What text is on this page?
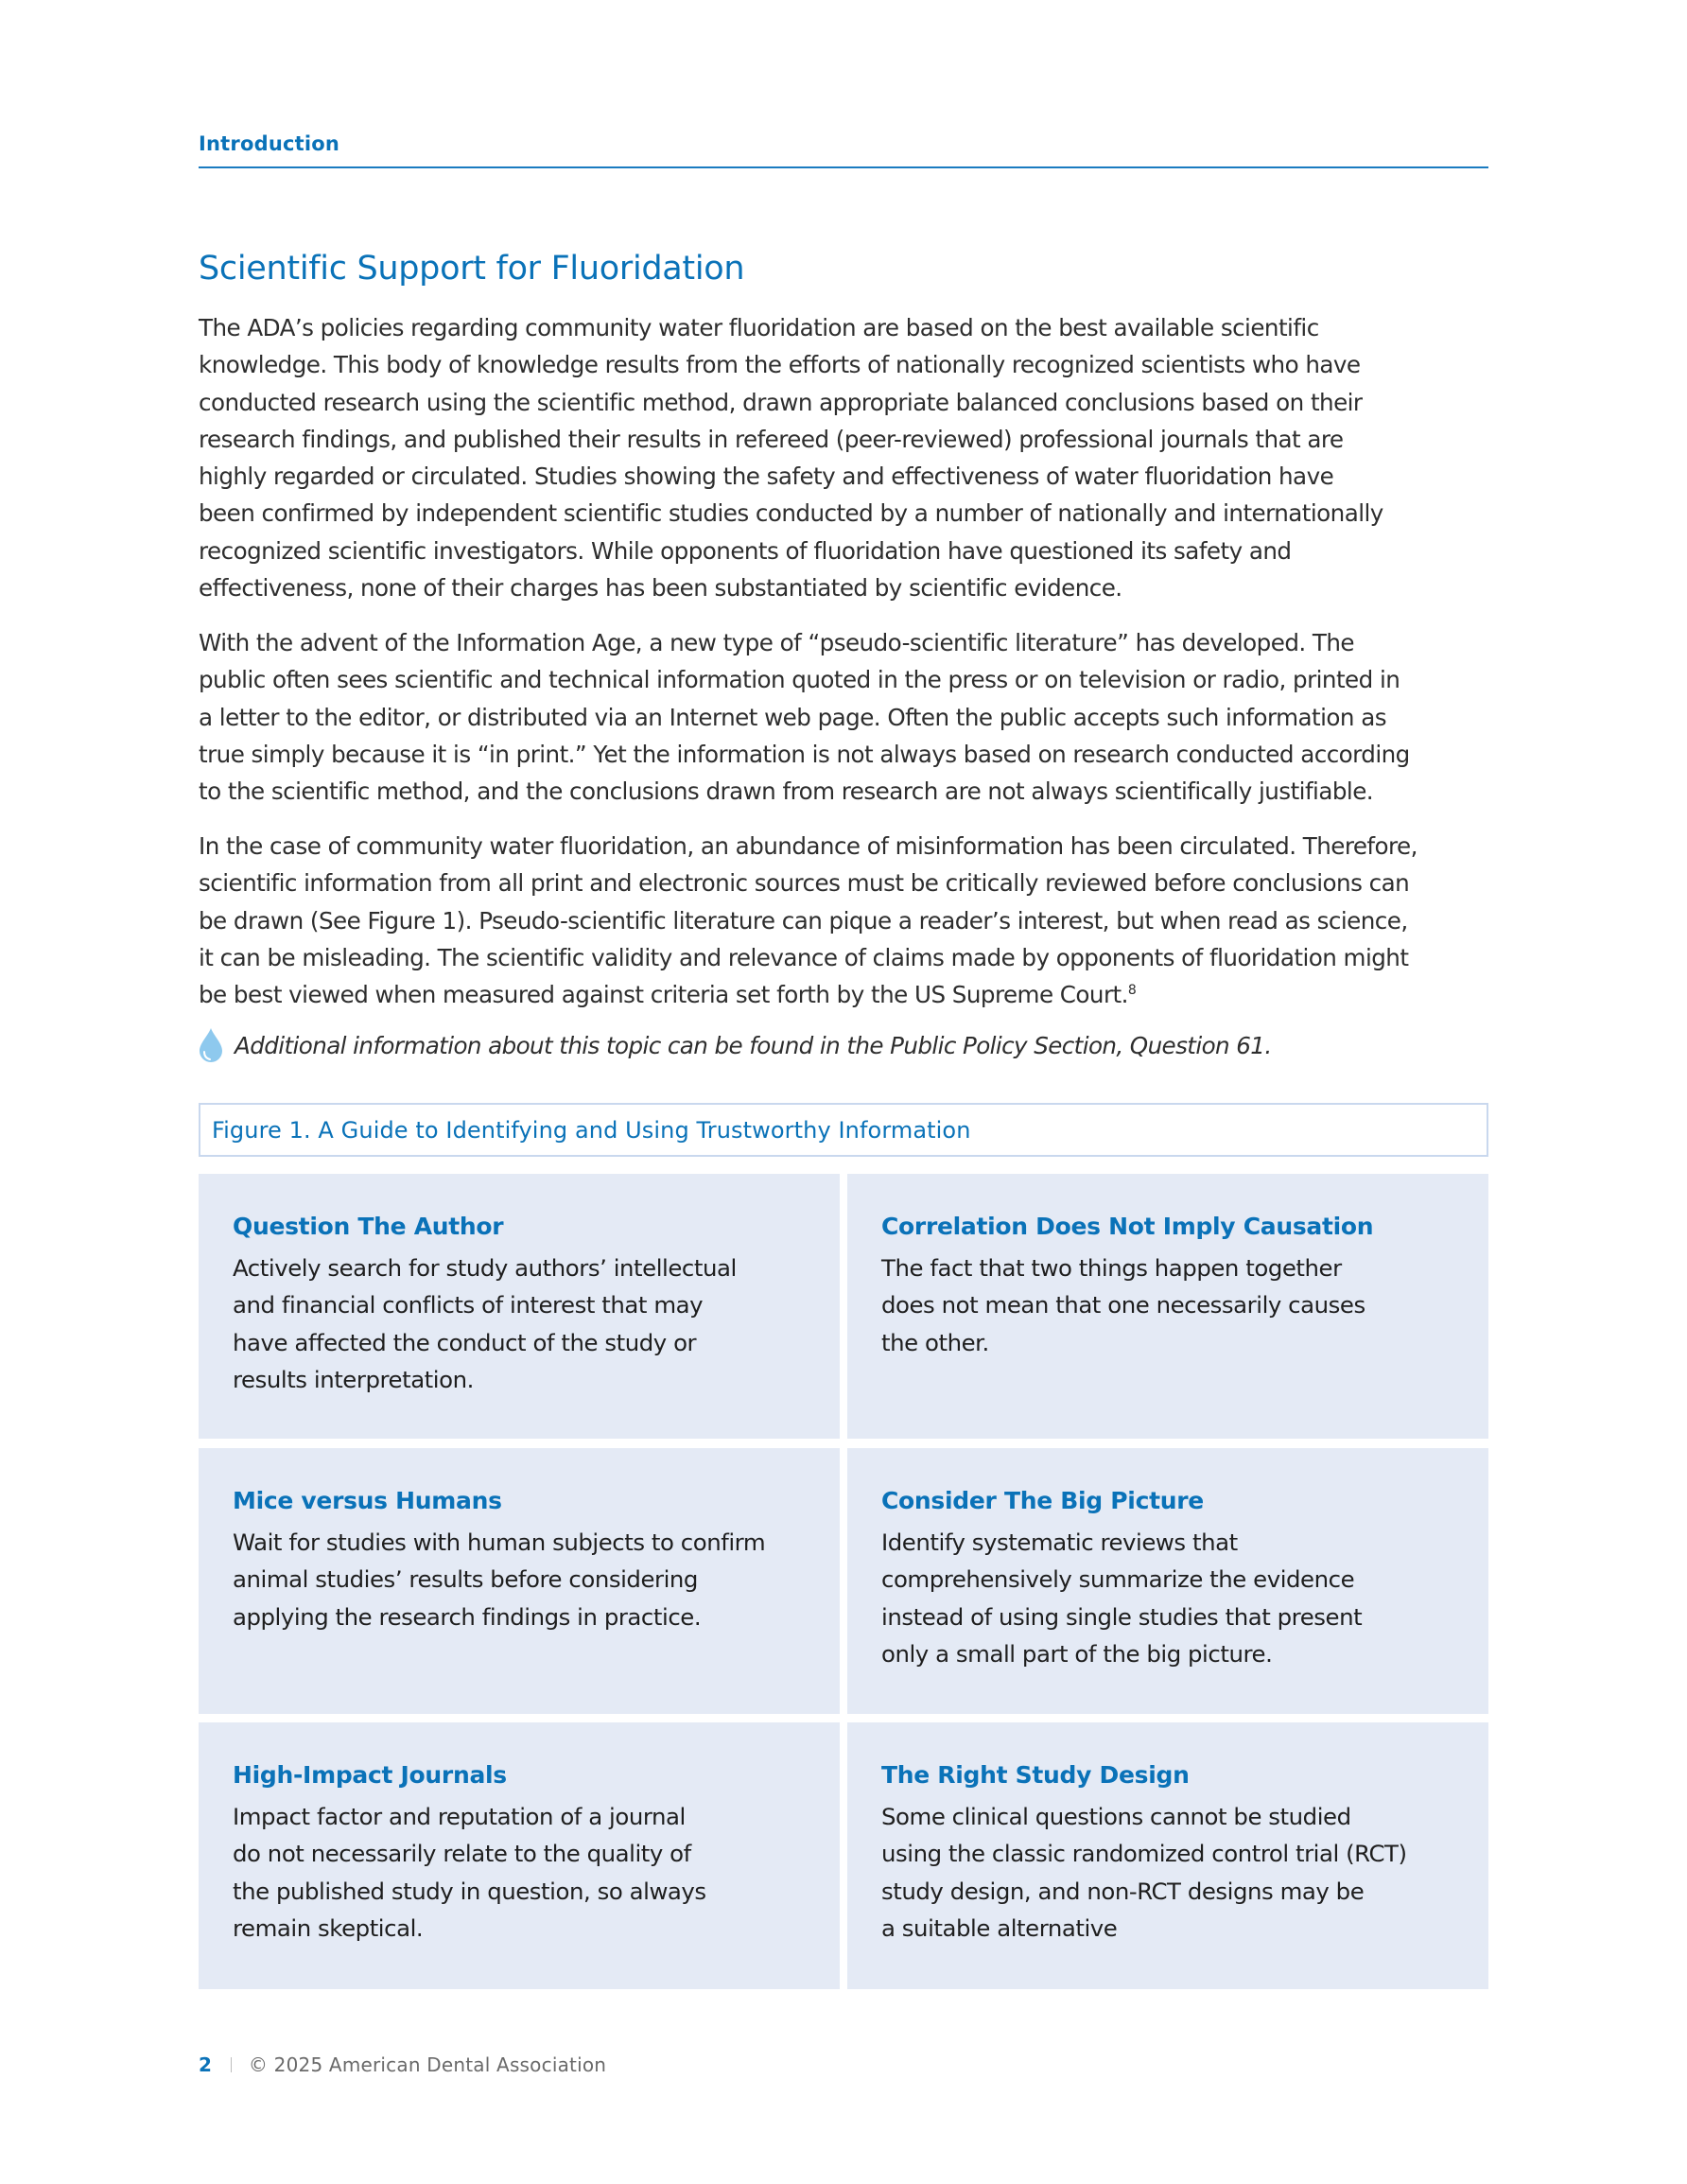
Introduction
Scientific Support for Fluoridation
The ADA’s policies regarding community water fluoridation are based on the best available scientific
knowledge. This body of knowledge results from the efforts of nationally recognized scientists who have
conducted research using the scientific method, drawn appropriate balanced conclusions based on their
research findings, and published their results in refereed (peer-reviewed) professional journals that are
highly regarded or circulated. Studies showing the safety and effectiveness of water fluoridation have
been confirmed by independent scientific studies conducted by a number of nationally and internationally
recognized scientific investigators. While opponents of fluoridation have questioned its safety and
effectiveness, none of their charges has been substantiated by scientific evidence.
With the advent of the Information Age, a new type of “pseudo-scientific literature” has developed. The
public often sees scientific and technical information quoted in the press or on television or radio, printed in
a letter to the editor, or distributed via an Internet web page. Often the public accepts such information as
true simply because it is “in print.” Yet the information is not always based on research conducted according
to the scientific method, and the conclusions drawn from research are not always scientifically justifiable.
In the case of community water fluoridation, an abundance of misinformation has been circulated. Therefore,
scientific information from all print and electronic sources must be critically reviewed before conclusions can
be drawn (See Figure 1). Pseudo-scientific literature can pique a reader’s interest, but when read as science,
it can be misleading. The scientific validity and relevance of claims made by opponents of fluoridation might
be best viewed when measured against criteria set forth by the US Supreme Court.$^8$
Additional information about this topic can be found in the Public Policy Section, Question 61.
Figure 1. A Guide to Identifying and Using Trustworthy Information
Question The Author
Actively search for study authors’ intellectual
and financial conflicts of interest that may
have affected the conduct of the study or
results interpretation.
Correlation Does Not Imply Causation
The fact that two things happen together
does not mean that one necessarily causes
the other.
Mice versus Humans
Wait for studies with human subjects to confirm
animal studies’ results before considering
applying the research findings in practice.
Consider The Big Picture
Identify systematic reviews that
comprehensively summarize the evidence
instead of using single studies that present
only a small part of the big picture.
High-Impact Journals
Impact factor and reputation of a journal
do not necessarily relate to the quality of
the published study in question, so always
remain skeptical.
The Right Study Design
Some clinical questions cannot be studied
using the classic randomized control trial (RCT)
study design, and non-RCT designs may be
a suitable alternative
2 © 2025 American Dental Association
